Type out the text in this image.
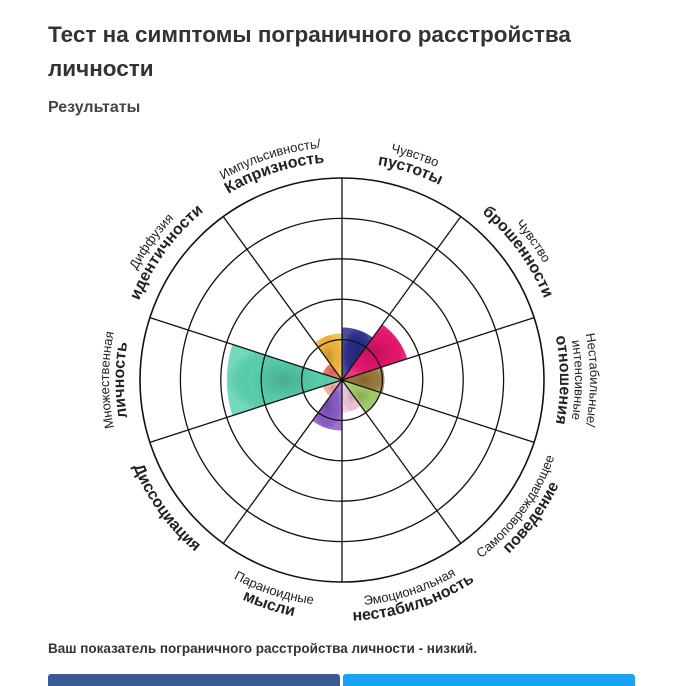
Тест на симптомы пограничного расстройства личности
Результаты
Чувство
пустоты
Чувство
брошенности
Нестабильные/
интенсивные
отношения
Самоповреждающее
поведение
Эмоциональная
нестабильность
Параноидные
мысли
Диссоциация
Множественная
личность
Диффузия
идентичности
Импульсивность/
Капризность
Ваш показатель пограничного расстройства личности - низкий.
